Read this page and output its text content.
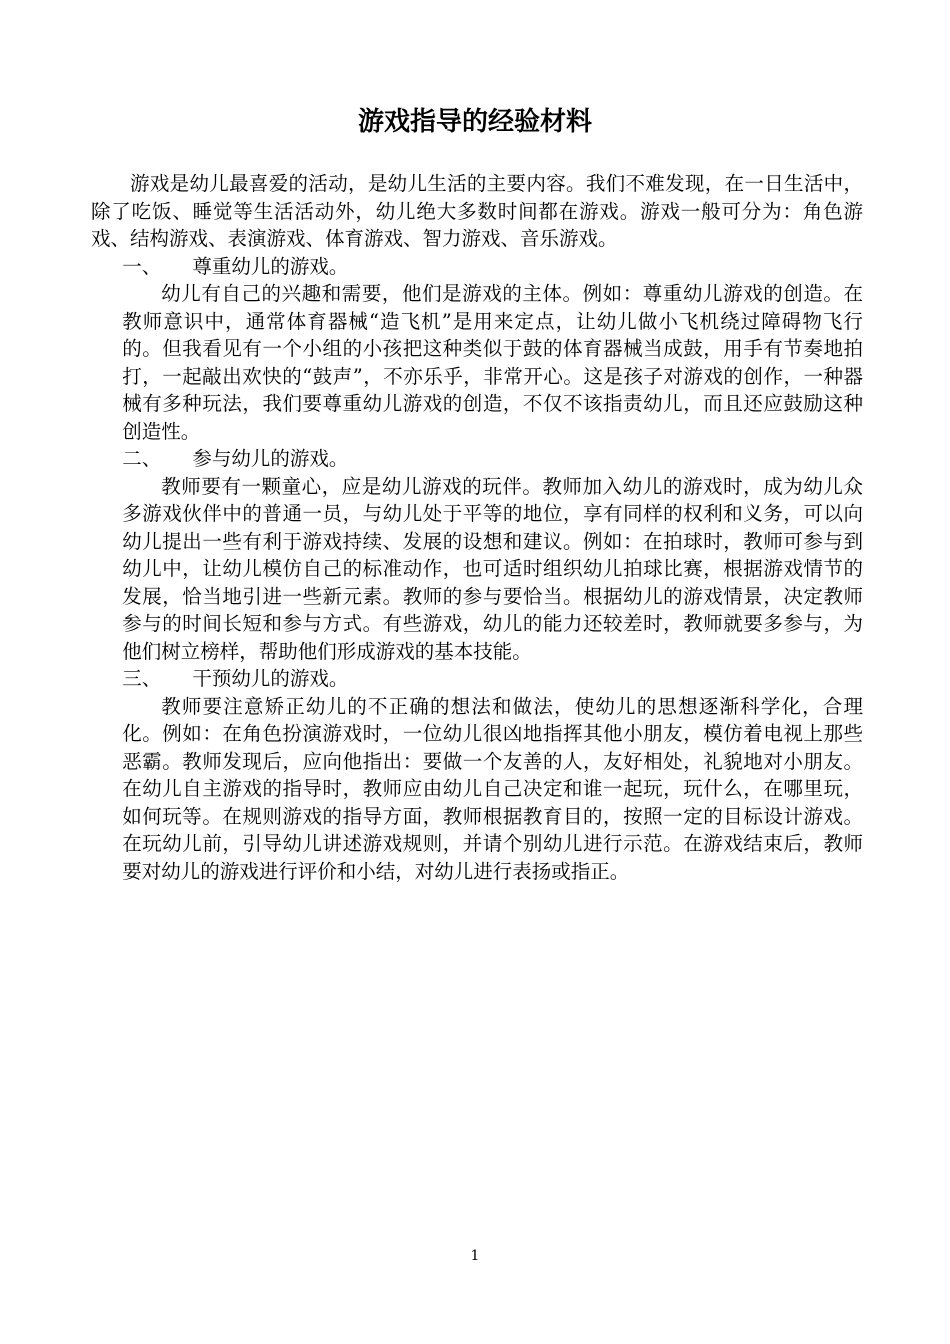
游戏指导的经验材料

游戏是幼儿最喜爱的活动，是幼儿生活的主要内容。我们不难发现，在一日生活中，除了吃饭、睡觉等生活活动外，幼儿绝大多数时间都在游戏。游戏一般可分为：角色游戏、结构游戏、表演游戏、体育游戏、智力游戏、音乐游戏。

一、 尊重幼儿的游戏。

幼儿有自己的兴趣和需要，他们是游戏的主体。例如：尊重幼儿游戏的创造。在教师意识中，通常体育器械“造飞机”是用来定点，让幼儿做小飞机绕过障碍物飞行的。但我看见有一个小组的小孩把这种类似于鼓的体育器械当成鼓，用手有节奏地拍打，一起敲出欢快的“鼓声”，不亦乐乎，非常开心。这是孩子对游戏的创作，一种器械有多种玩法，我们要尊重幼儿游戏的创造，不仅不该指责幼儿，而且还应鼓励这种创造性。

二、 参与幼儿的游戏。

教师要有一颗童心，应是幼儿游戏的玩伴。教师加入幼儿的游戏时，成为幼儿众多游戏伙伴中的普通一员，与幼儿处于平等的地位，享有同样的权利和义务，可以向幼儿提出一些有利于游戏持续、发展的设想和建议。例如：在拍球时，教师可参与到幼儿中，让幼儿模仿自己的标准动作，也可适时组织幼儿拍球比赛，根据游戏情节的发展，恰当地引进一些新元素。教师的参与要恰当。根据幼儿的游戏情景，决定教师参与的时间长短和参与方式。有些游戏，幼儿的能力还较差时，教师就要多参与，为他们树立榜样，帮助他们形成游戏的基本技能。

三、 干预幼儿的游戏。

教师要注意矫正幼儿的不正确的想法和做法，使幼儿的思想逐渐科学化，合理化。例如：在角色扮演游戏时，一位幼儿很凶地指挥其他小朋友，模仿着电视上那些恶霸。教师发现后，应向他指出：要做一个友善的人，友好相处，礼貌地对小朋友。在幼儿自主游戏的指导时，教师应由幼儿自己决定和谁一起玩，玩什么，在哪里玩，如何玩等。在规则游戏的指导方面，教师根据教育目的，按照一定的目标设计游戏。在玩幼儿前，引导幼儿讲述游戏规则，并请个别幼儿进行示范。在游戏结束后，教师要对幼儿的游戏进行评价和小结，对幼儿进行表扬或指正。

1
